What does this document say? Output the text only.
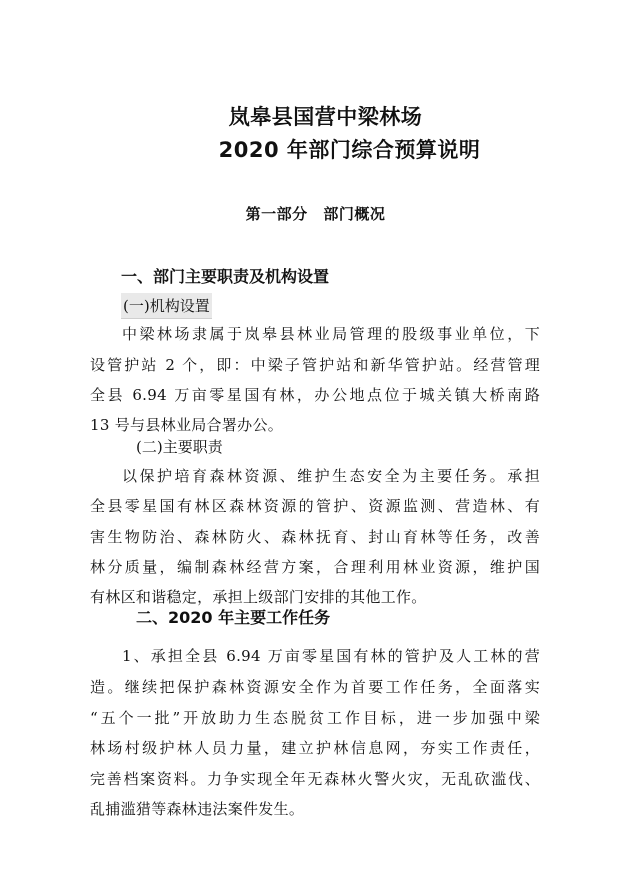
岚皋县国营中梁林场
2020 年部门综合预算说明
第一部分 部门概况
一、部门主要职责及机构设置
(一)机构设置
中梁林场隶属于岚皋县林业局管理的股级事业单位，下
设管护站 2 个，即：中梁子管护站和新华管护站。经营管理
全县 6.94 万亩零星国有林，办公地点位于城关镇大桥南路
13 号与县林业局合署办公。
(二)主要职责
以保护培育森林资源、维护生态安全为主要任务。承担
全县零星国有林区森林资源的管护、资源监测、营造林、有
害生物防治、森林防火、森林抚育、封山育林等任务，改善
林分质量，编制森林经营方案，合理利用林业资源，维护国
有林区和谐稳定，承担上级部门安排的其他工作。
二、2020 年主要工作任务
1、承担全县 6.94 万亩零星国有林的管护及人工林的营
造。继续把保护森林资源安全作为首要工作任务，全面落实
“五个一批”开放助力生态脱贫工作目标，进一步加强中梁
林场村级护林人员力量，建立护林信息网，夯实工作责任，
完善档案资料。力争实现全年无森林火警火灾，无乱砍滥伐、
乱捕滥猎等森林违法案件发生。
